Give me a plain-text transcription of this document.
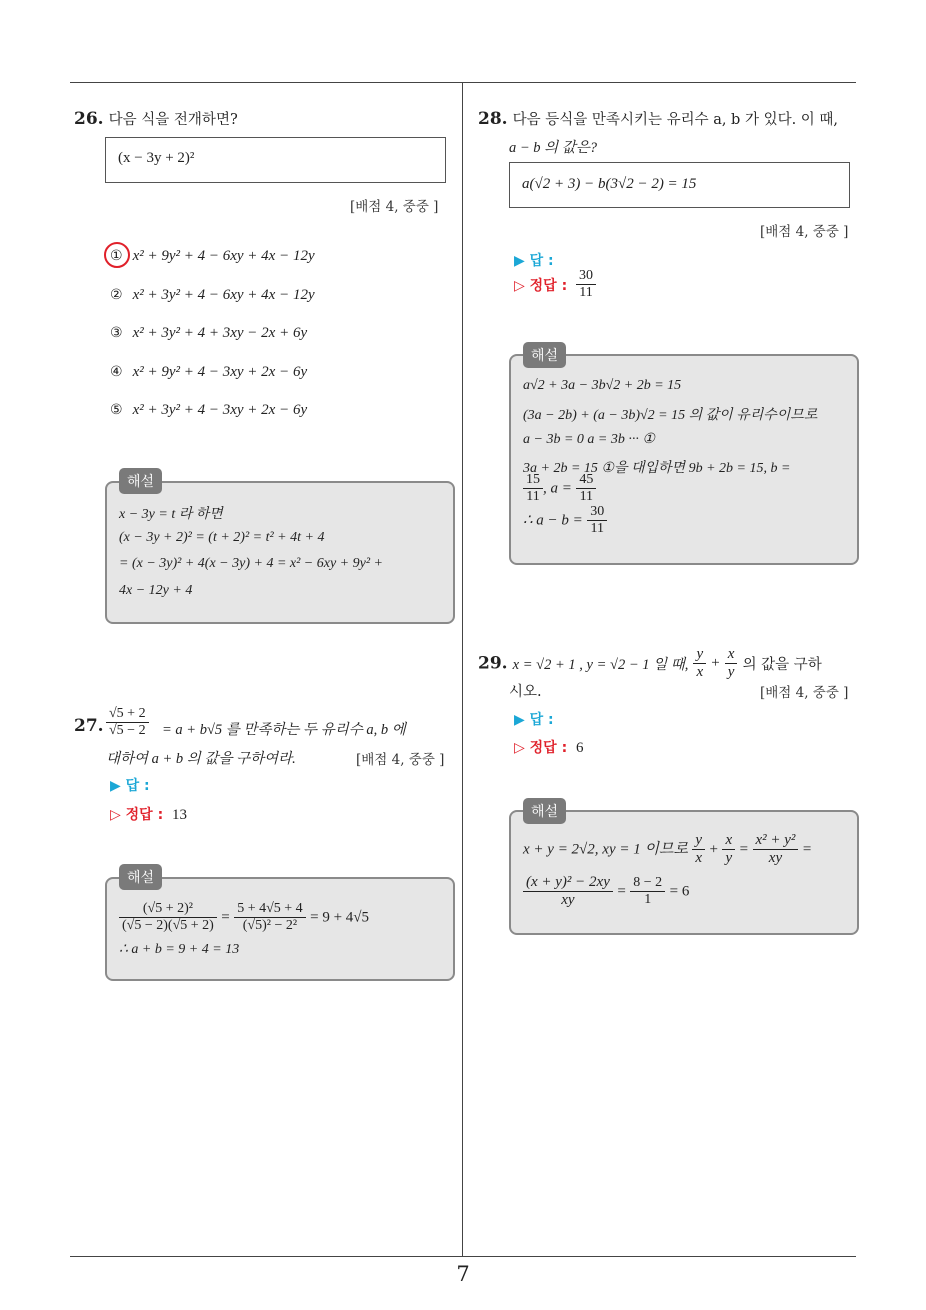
26. 다음 식을 전개하면?
(x − 3y + 2)²
[배점 4, 중중 ]
① x² + 9y² + 4 − 6xy + 4x − 12y
② x² + 3y² + 4 − 6xy + 4x − 12y
③ x² + 3y² + 4 + 3xy − 2x + 6y
④ x² + 9y² + 4 − 3xy + 2x − 6y
⑤ x² + 3y² + 4 − 3xy + 2x − 6y
x − 3y = t 라 하면
(x − 3y + 2)² = (t + 2)² = t² + 4t + 4
= (x − 3y)² + 4(x − 3y) + 4 = x² − 6xy + 9y² +
4x − 12y + 4
해설
27. $\frac{√5 + 2}{√5 - 2} = a + b√5$ 를 만족하는 두 유리수 a, b 에
대하여 a + b 의 값을 구하여라.	[배점 4, 중중 ]
▶ 답 :
▷ 정답 : 13
$\frac{\text{(√5 + 2)²}}{(√5 - 2)(√5 + 2)} = \frac{5 + 4√5 + 4}{\text{(√5)² − 2²}} = 9 + 4√5$
∴ a + b = 9 + 4 = 13
해설
28. 다음 등식을 만족시키는 유리수 a, b 가 있다. 이 때,
a − b 의 값은?
a(√2 + 3) − b(3√2 − 2) = 15
[배점 4, 중중 ]
▶ 답 :
▷ 정답 : $\frac{30}{11}$
a√2 + 3a − 3b√2 + 2b = 15
(3a − 2b) + (a − 3b)√2 = 15 의 값이 유리수이므로
a − 3b = 0 a = 3b ··· ①
3a + 2b = 15 ①을 대입하면 9b + 2b = 15, b =
$\frac{15}{11}$ , $a = \frac{45}{11}$
∴ $a - b = \frac{30}{11}$
해설
29. x = √2 + 1 , y = √2 − 1 일 때, $\frac{y}{x} + \frac{x}{y}$ 의 값을 구하
시오.	[배점 4, 중중 ]
▶ 답 :
▷ 정답 : 6
x + y = 2√2, xy = 1 이므로 $\frac{y}{x} + \frac{x}{y} = \frac{\text{x² + y²}}{xy}$ =
$\frac{\text{(x + y)² − 2xy}}{xy} = \frac{8 - 2}{1} = 6$
해설
7
